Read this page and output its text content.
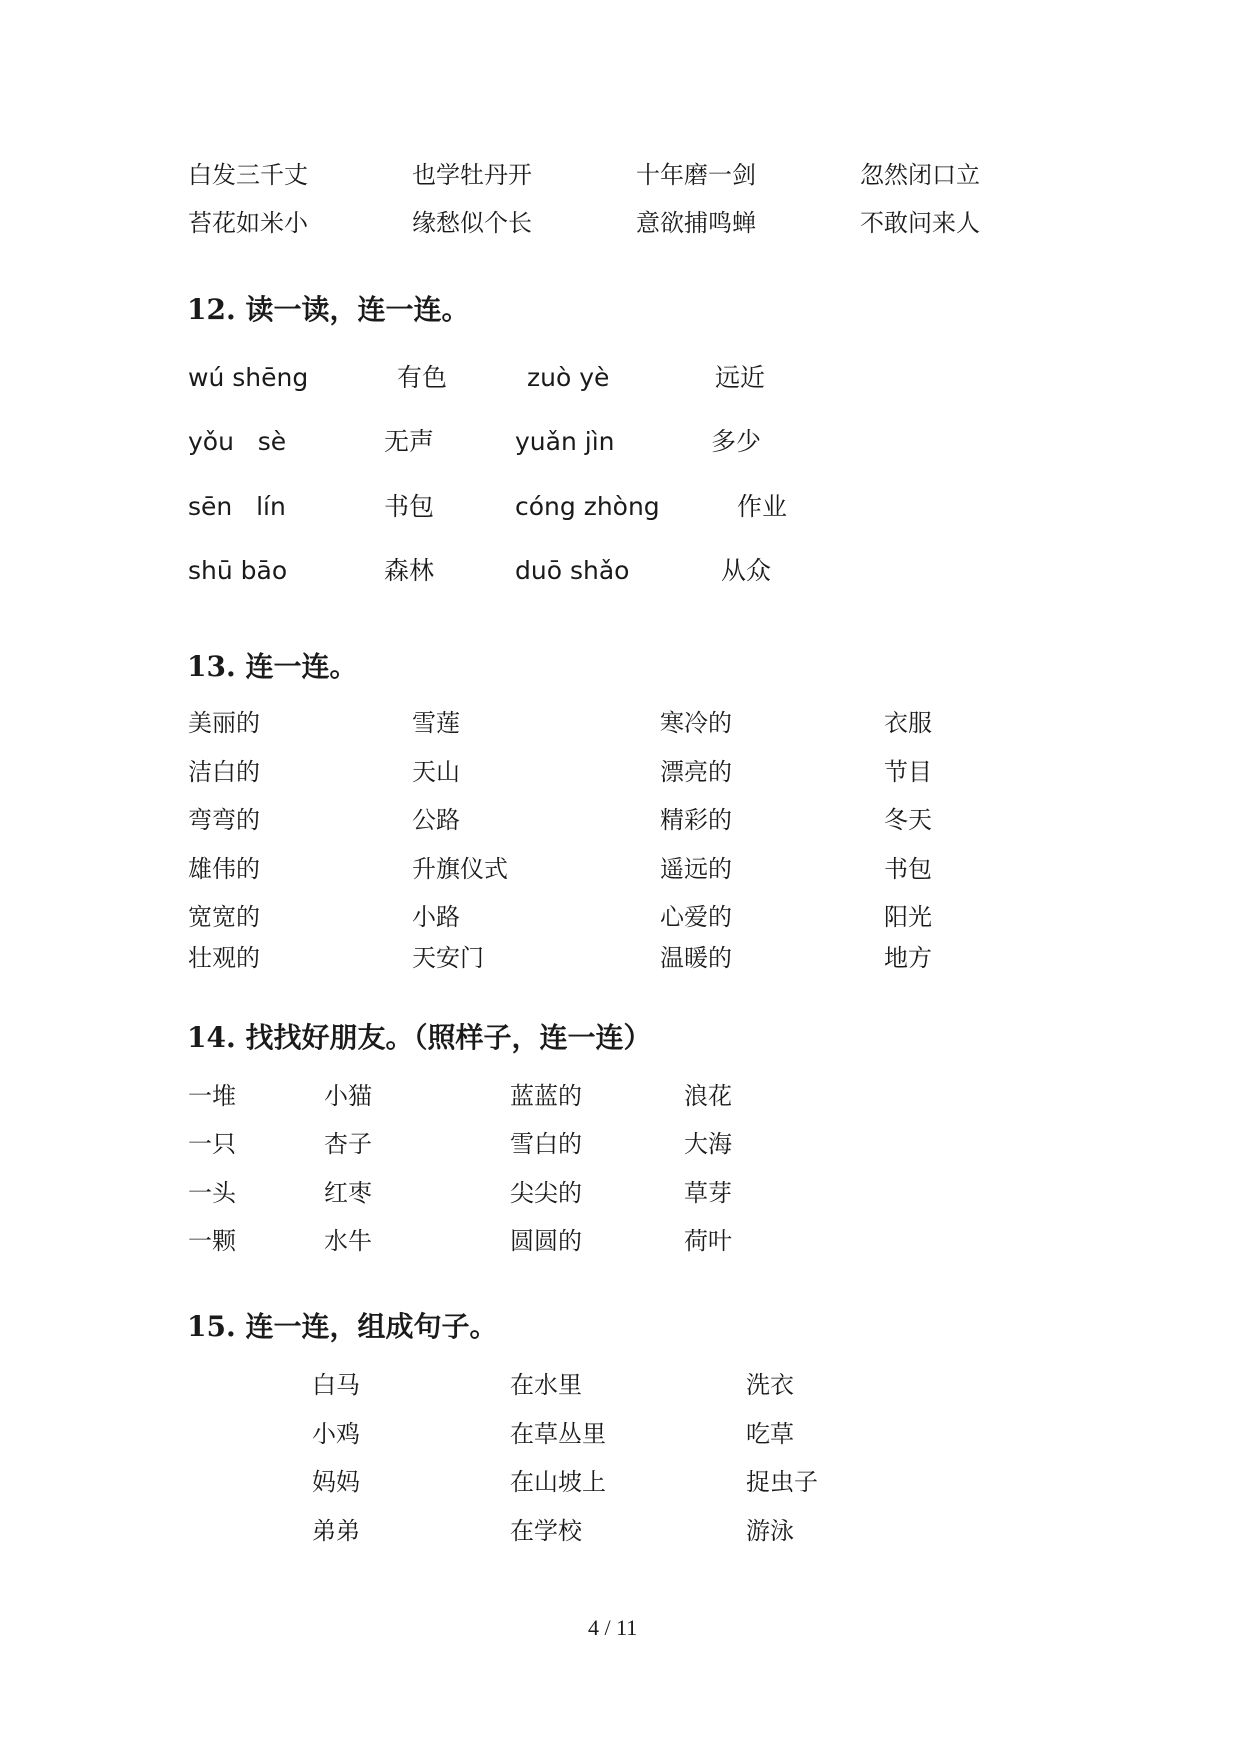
白发三千丈	也学牡丹开	十年磨一剑	忽然闭口立
苔花如米小	缘愁似个长	意欲捕鸣蝉	不敢问来人
12. 读一读，连一连。
wú shēng	有色	zuò yè	远近
yǒu   sè	无声	yuǎn jìn	多少
sēn   lín	书包	cóng zhòng	作业
shū bāo	森林	duō shǎo	从众
13. 连一连。
美丽的	雪莲	寒冷的	衣服
洁白的	天山	漂亮的	节目
弯弯的	公路	精彩的	冬天
雄伟的	升旗仪式	遥远的	书包
宽宽的	小路	心爱的	阳光
壮观的	天安门	温暖的	地方
14. 找找好朋友。（照样子，连一连）
一堆	小猫	蓝蓝的	浪花
一只	杏子	雪白的	大海
一头	红枣	尖尖的	草芽
一颗	水牛	圆圆的	荷叶
15. 连一连，组成句子。
白马	在水里	洗衣
小鸡	在草丛里	吃草
妈妈	在山坡上	捉虫子
弟弟	在学校	游泳
4 / 11
